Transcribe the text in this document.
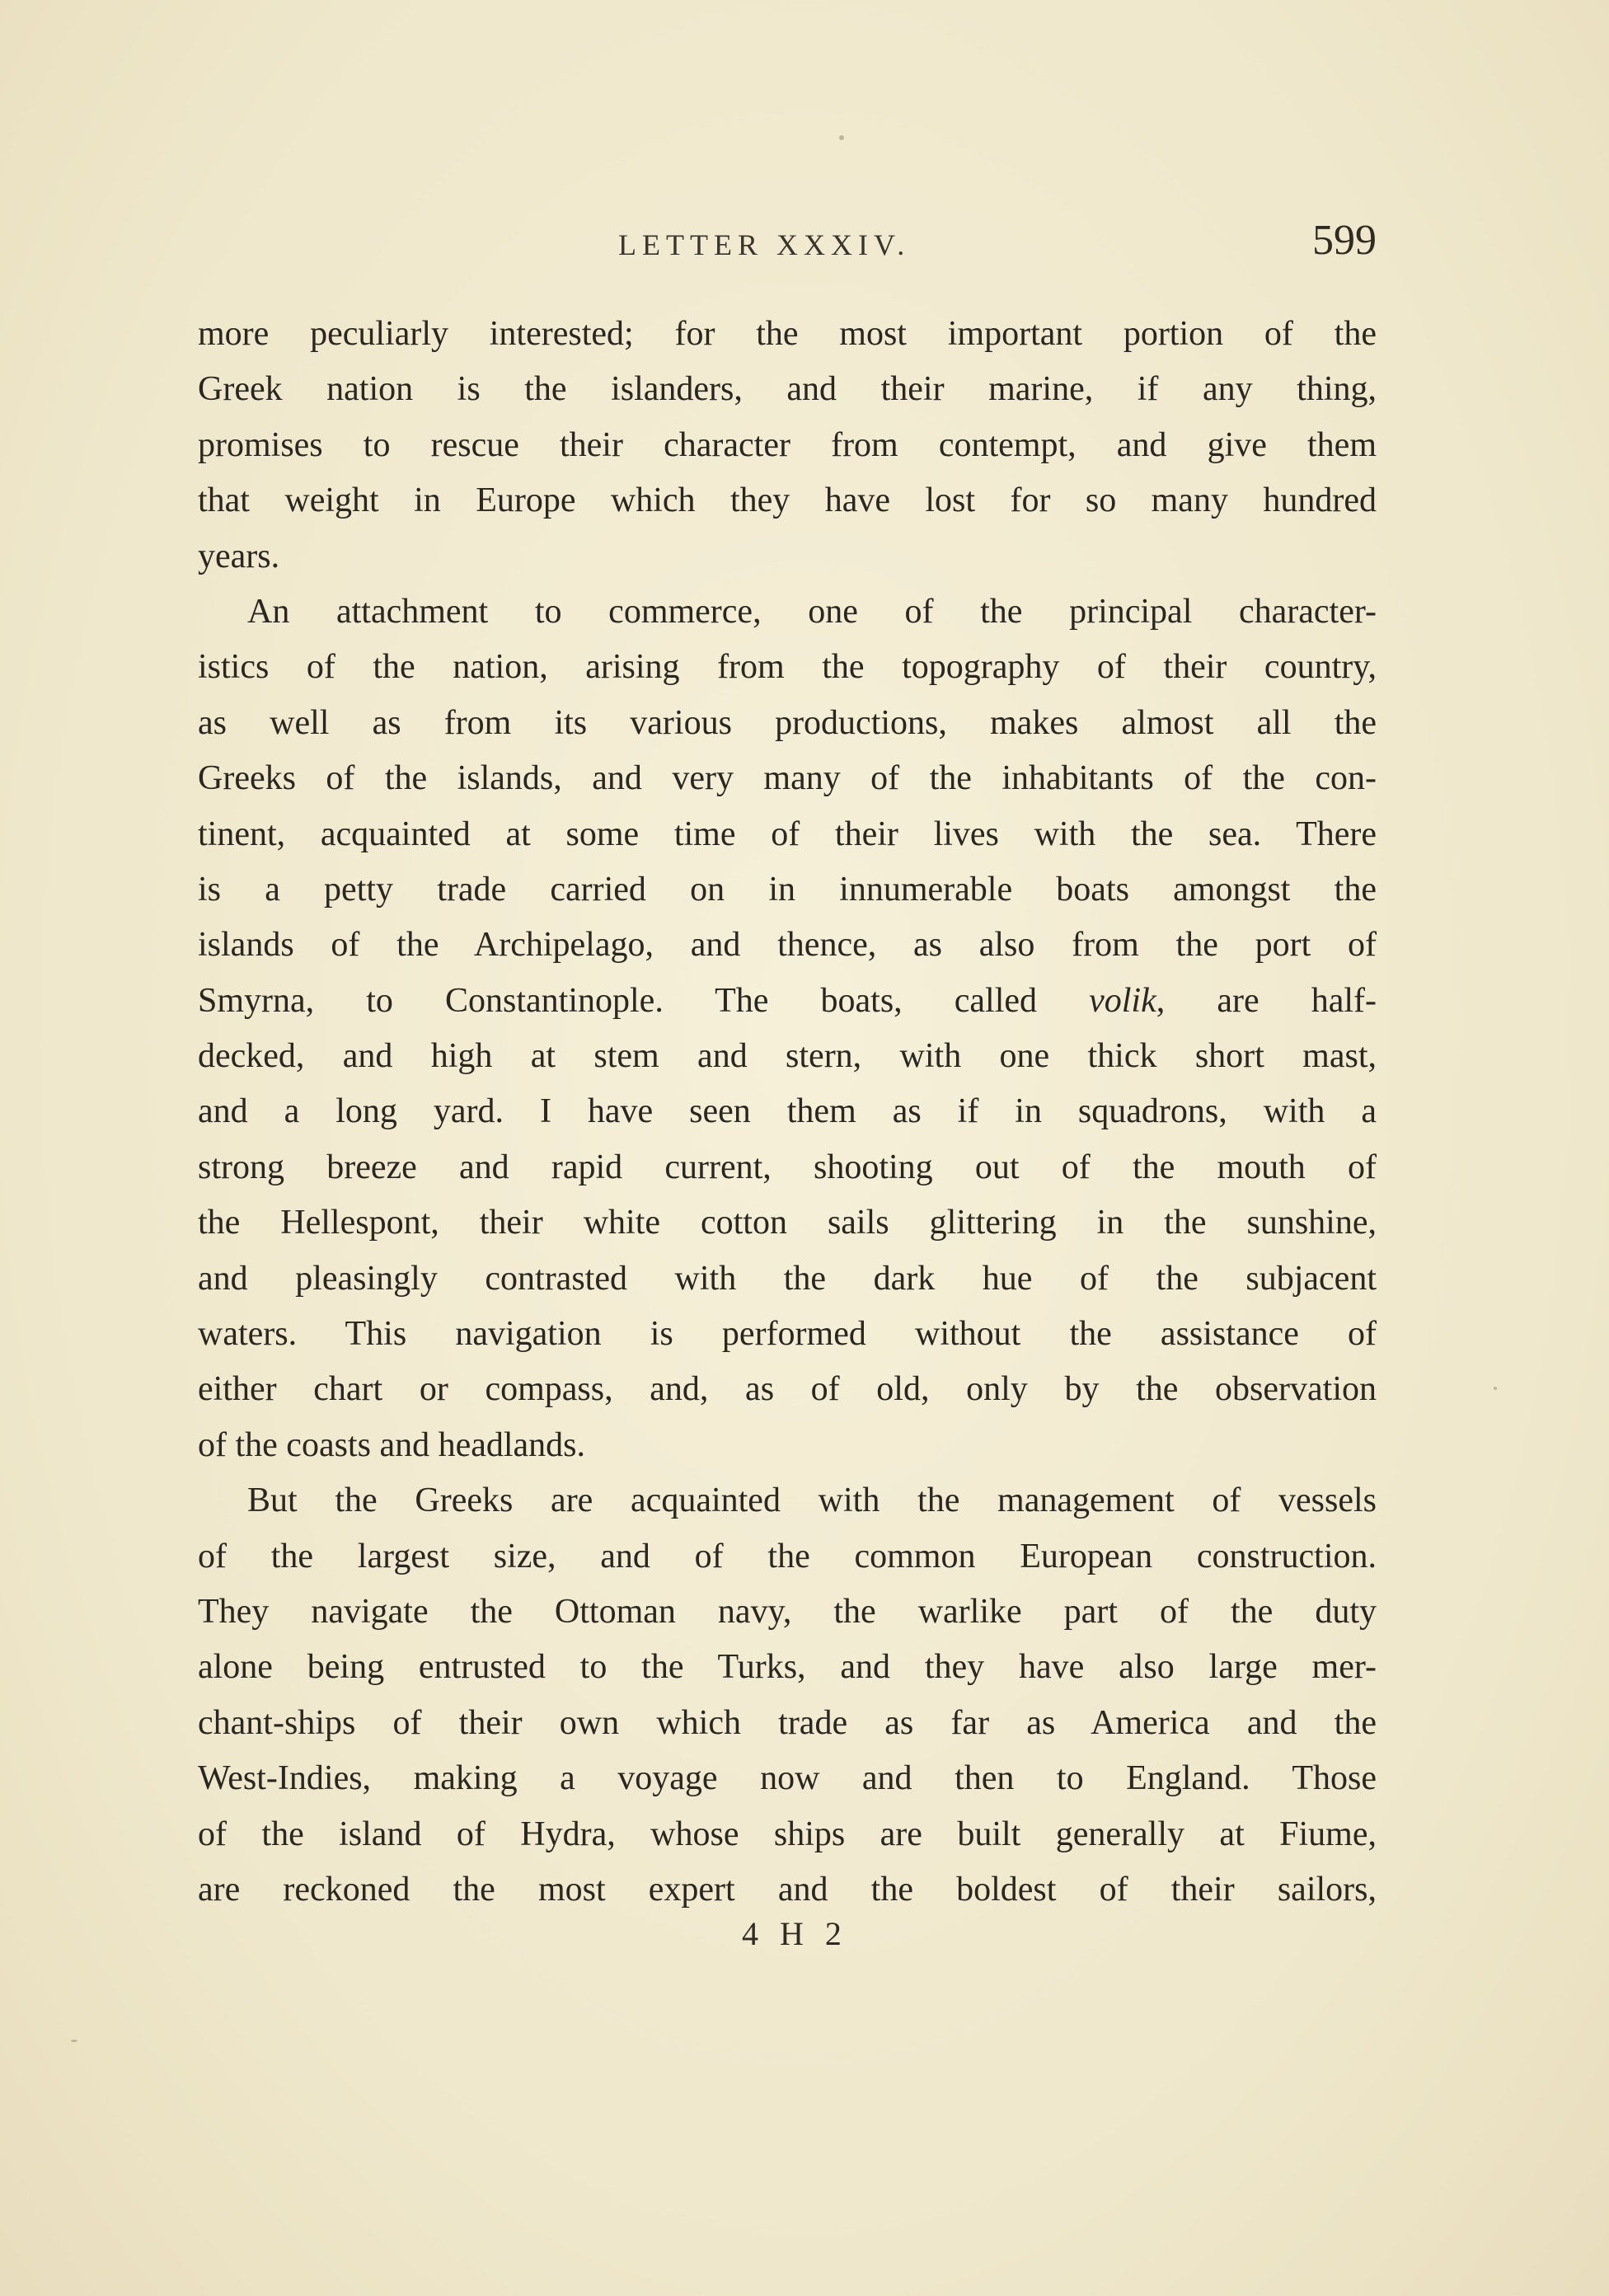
LETTER XXXIV.	599
more peculiarly interested; for the most important portion of the
Greek nation is the islanders, and their marine, if any thing,
promises to rescue their character from contempt, and give them
that weight in Europe which they have lost for so many hundred
years.
An attachment to commerce, one of the principal character-
istics of the nation, arising from the topography of their country,
as well as from its various productions, makes almost all the
Greeks of the islands, and very many of the inhabitants of the con-
tinent, acquainted at some time of their lives with the sea. There
is a petty trade carried on in innumerable boats amongst the
islands of the Archipelago, and thence, as also from the port of
Smyrna, to Constantinople. The boats, called volik, are half-
decked, and high at stem and stern, with one thick short mast,
and a long yard. I have seen them as if in squadrons, with a
strong breeze and rapid current, shooting out of the mouth of
the Hellespont, their white cotton sails glittering in the sunshine,
and pleasingly contrasted with the dark hue of the subjacent
waters. This navigation is performed without the assistance of
either chart or compass, and, as of old, only by the observation
of the coasts and headlands.
But the Greeks are acquainted with the management of vessels
of the largest size, and of the common European construction.
They navigate the Ottoman navy, the warlike part of the duty
alone being entrusted to the Turks, and they have also large mer-
chant-ships of their own which trade as far as America and the
West-Indies, making a voyage now and then to England. Those
of the island of Hydra, whose ships are built generally at Fiume,
are reckoned the most expert and the boldest of their sailors,
4 H 2
